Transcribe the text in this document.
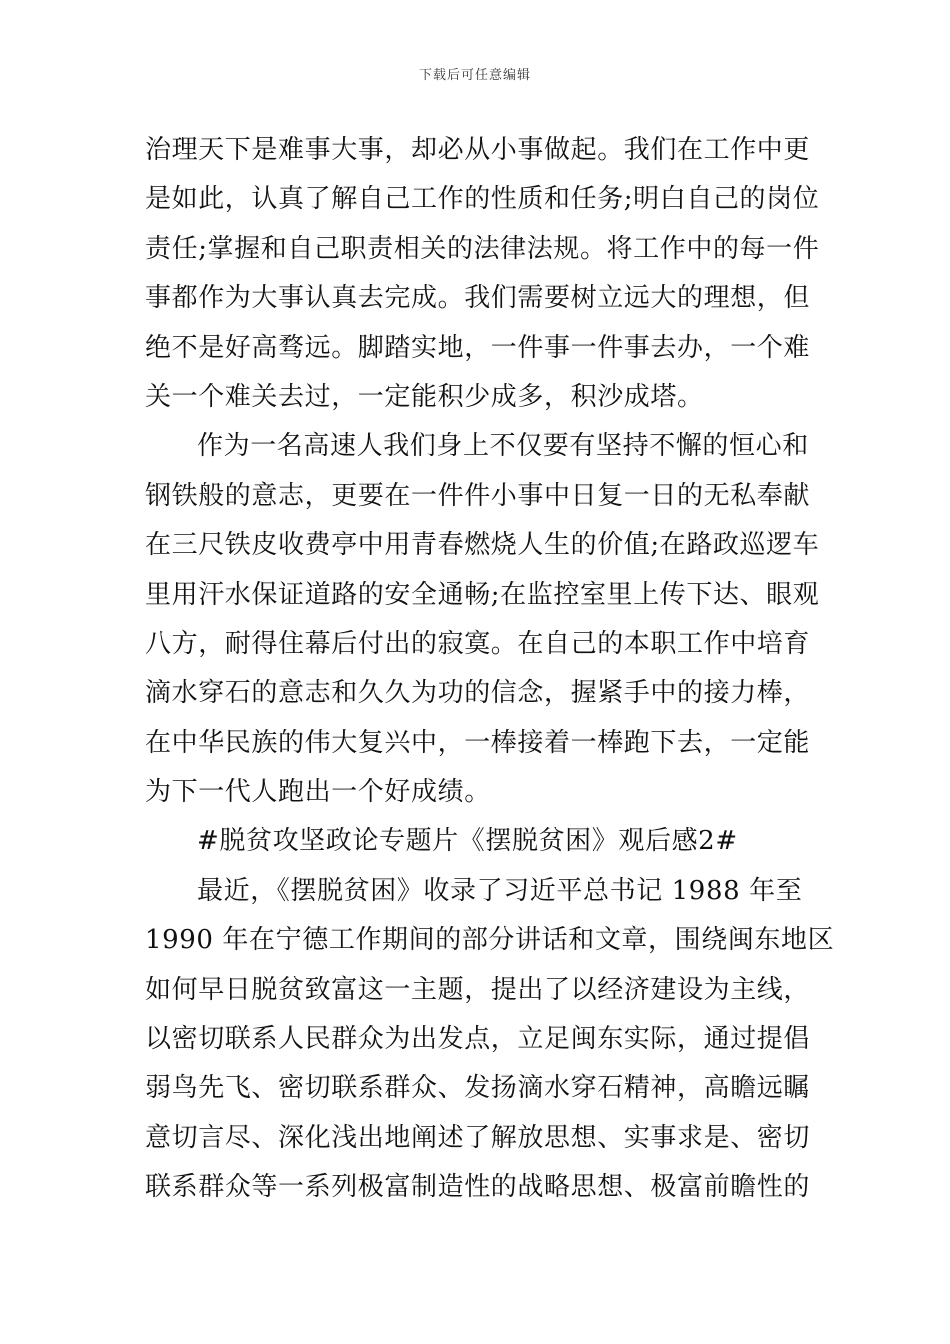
下载后可任意编辑
治理天下是难事大事，却必从小事做起。我们在工作中更
是如此，认真了解自己工作的性质和任务;明白自己的岗位
责任;掌握和自己职责相关的法律法规。将工作中的每一件
事都作为大事认真去完成。我们需要树立远大的理想，但
绝不是好高骛远。脚踏实地，一件事一件事去办，一个难
关一个难关去过，一定能积少成多，积沙成塔。
作为一名高速人我们身上不仅要有坚持不懈的恒心和
钢铁般的意志，更要在一件件小事中日复一日的无私奉献
在三尺铁皮收费亭中用青春燃烧人生的价值;在路政巡逻车
里用汗水保证道路的安全通畅;在监控室里上传下达、眼观
八方，耐得住幕后付出的寂寞。在自己的本职工作中培育
滴水穿石的意志和久久为功的信念，握紧手中的接力棒，
在中华民族的伟大复兴中，一棒接着一棒跑下去，一定能
为下一代人跑出一个好成绩。
#脱贫攻坚政论专题片《摆脱贫困》观后感2#
最近，《摆脱贫困》收录了习近平总书记 1988 年至
1990 年在宁德工作期间的部分讲话和文章，围绕闽东地区
如何早日脱贫致富这一主题，提出了以经济建设为主线，
以密切联系人民群众为出发点，立足闽东实际，通过提倡
弱鸟先飞、密切联系群众、发扬滴水穿石精神，高瞻远瞩
意切言尽、深化浅出地阐述了解放思想、实事求是、密切
联系群众等一系列极富制造性的战略思想、极富前瞻性的
